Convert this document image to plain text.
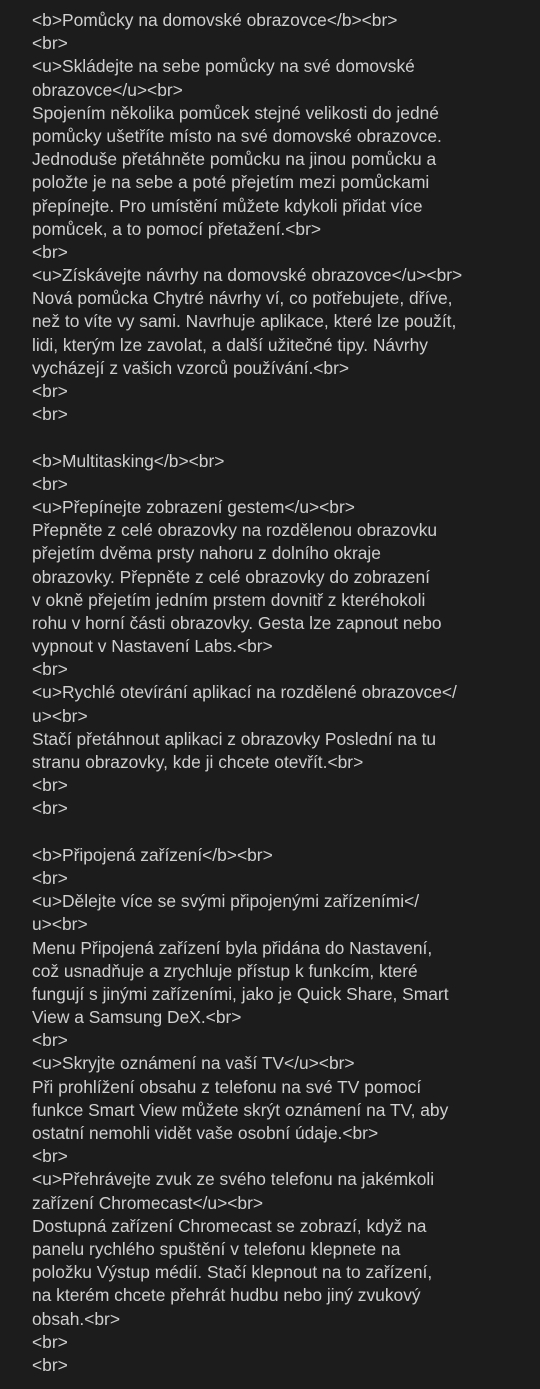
<b>Pomůcky na domovské obrazovce</b><br>
<br>
<u>Skládejte na sebe pomůcky na své domovské
obrazovce</u><br>
Spojením několika pomůcek stejné velikosti do jedné
pomůcky ušetříte místo na své domovské obrazovce.
Jednoduše přetáhněte pomůcku na jinou pomůcku a
položte je na sebe a poté přejetím mezi pomůckami
přepínejte. Pro umístění můžete kdykoli přidat více
pomůcek, a to pomocí přetažení.<br>
<br>
<u>Získávejte návrhy na domovské obrazovce</u><br>
Nová pomůcka Chytré návrhy ví, co potřebujete, dříve,
než to víte vy sami. Navrhuje aplikace, které lze použít,
lidi, kterým lze zavolat, a další užitečné tipy. Návrhy
vycházejí z vašich vzorců používání.<br>
<br>
<br>
<b>Multitasking</b><br>
<br>
<u>Přepínejte zobrazení gestem</u><br>
Přepněte z celé obrazovky na rozdělenou obrazovku
přejetím dvěma prsty nahoru z dolního okraje
obrazovky. Přepněte z celé obrazovky do zobrazení
v okně přejetím jedním prstem dovnitř z kteréhokoli
rohu v horní části obrazovky. Gesta lze zapnout nebo
vypnout v Nastavení Labs.<br>
<br>
<u>Rychlé otevírání aplikací na rozdělené obrazovce</
u><br>
Stačí přetáhnout aplikaci z obrazovky Poslední na tu
stranu obrazovky, kde ji chcete otevřít.<br>
<br>
<br>
<b>Připojená zařízení</b><br>
<br>
<u>Dělejte více se svými připojenými zařízeními</
u><br>
Menu Připojená zařízení byla přidána do Nastavení,
což usnadňuje a zrychluje přístup k funkcím, které
fungují s jinými zařízeními, jako je Quick Share, Smart
View a Samsung DeX.<br>
<br>
<u>Skryjte oznámení na vaší TV</u><br>
Při prohlížení obsahu z telefonu na své TV pomocí
funkce Smart View můžete skrýt oznámení na TV, aby
ostatní nemohli vidět vaše osobní údaje.<br>
<br>
<u>Přehrávejte zvuk ze svého telefonu na jakémkoli
zařízení Chromecast</u><br>
Dostupná zařízení Chromecast se zobrazí, když na
panelu rychlého spuštění v telefonu klepnete na
položku Výstup médií. Stačí klepnout na to zařízení,
na kterém chcete přehrát hudbu nebo jiný zvukový
obsah.<br>
<br>
<br>
